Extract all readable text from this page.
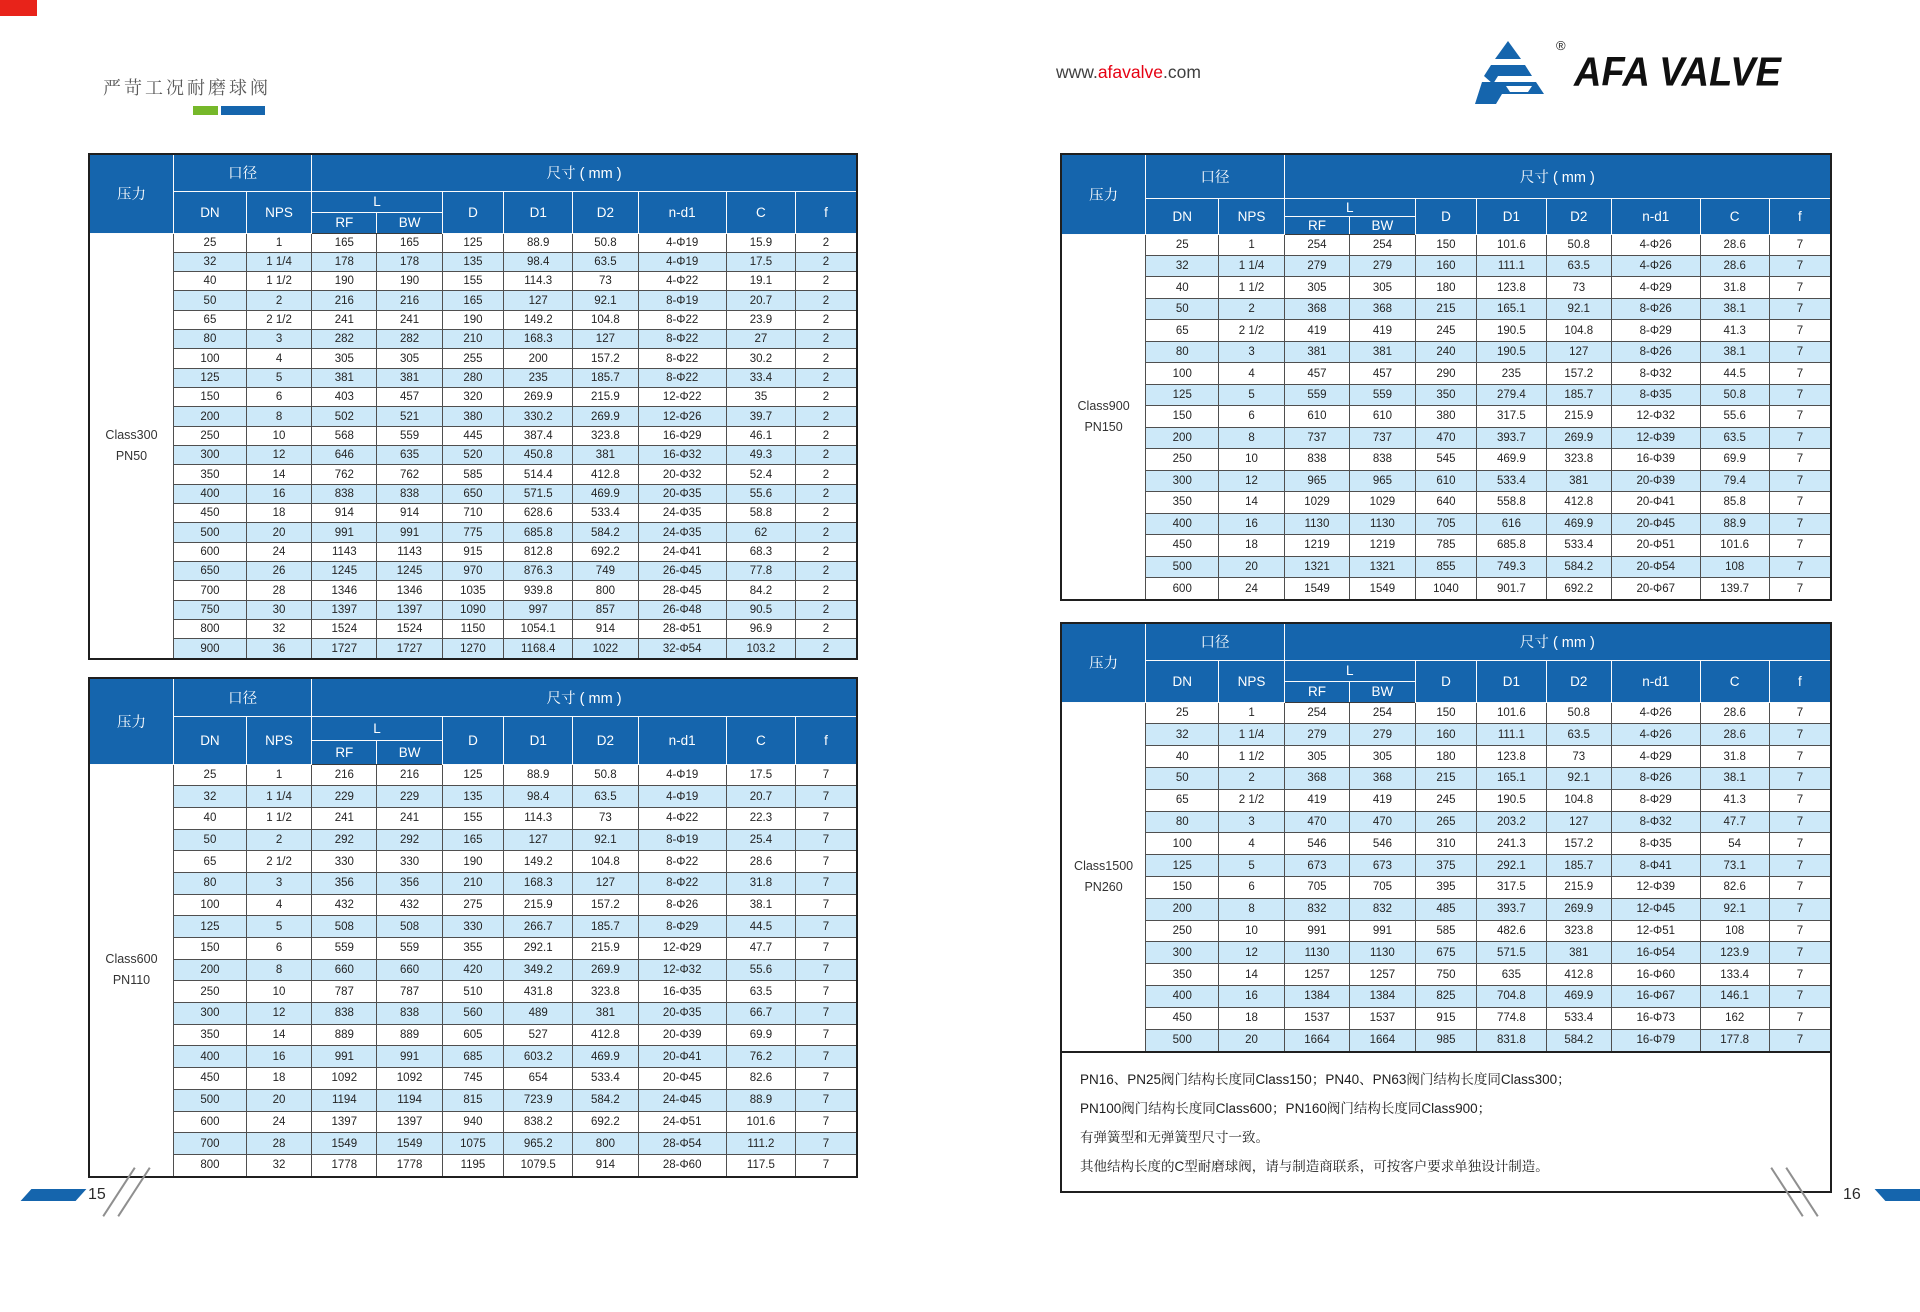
严苛工况耐磨球阀
www.afavalve.com
®
AFA VALVE
压力	口径		尺寸 ( mm )							
	DN	NPS	L		D	D1	D2	n-d1	C	f
			RF	BW						

Class300
PN50	25	1	165	165	125	88.9	50.8	4-Φ19	15.9	2
	32	1 1/4	178	178	135	98.4	63.5	4-Φ19	17.5	2
	40	1 1/2	190	190	155	114.3	73	4-Φ22	19.1	2
	50	2	216	216	165	127	92.1	8-Φ19	20.7	2
	65	2 1/2	241	241	190	149.2	104.8	8-Φ22	23.9	2
	80	3	282	282	210	168.3	127	8-Φ22	27	2
	100	4	305	305	255	200	157.2	8-Φ22	30.2	2
	125	5	381	381	280	235	185.7	8-Φ22	33.4	2
	150	6	403	457	320	269.9	215.9	12-Φ22	35	2
	200	8	502	521	380	330.2	269.9	12-Φ26	39.7	2
	250	10	568	559	445	387.4	323.8	16-Φ29	46.1	2
	300	12	646	635	520	450.8	381	16-Φ32	49.3	2
	350	14	762	762	585	514.4	412.8	20-Φ32	52.4	2
	400	16	838	838	650	571.5	469.9	20-Φ35	55.6	2
	450	18	914	914	710	628.6	533.4	24-Φ35	58.8	2
	500	20	991	991	775	685.8	584.2	24-Φ35	62	2
	600	24	1143	1143	915	812.8	692.2	24-Φ41	68.3	2
	650	26	1245	1245	970	876.3	749	26-Φ45	77.8	2
	700	28	1346	1346	1035	939.8	800	28-Φ45	84.2	2
	750	30	1397	1397	1090	997	857	26-Φ48	90.5	2
	800	32	1524	1524	1150	1054.1	914	28-Φ51	96.9	2
	900	36	1727	1727	1270	1168.4	1022	32-Φ54	103.2	2
压力	口径		尺寸 ( mm )							
	DN	NPS	L		D	D1	D2	n-d1	C	f
			RF	BW						

Class600
PN110	25	1	216	216	125	88.9	50.8	4-Φ19	17.5	7
	32	1 1/4	229	229	135	98.4	63.5	4-Φ19	20.7	7
	40	1 1/2	241	241	155	114.3	73	4-Φ22	22.3	7
	50	2	292	292	165	127	92.1	8-Φ19	25.4	7
	65	2 1/2	330	330	190	149.2	104.8	8-Φ22	28.6	7
	80	3	356	356	210	168.3	127	8-Φ22	31.8	7
	100	4	432	432	275	215.9	157.2	8-Φ26	38.1	7
	125	5	508	508	330	266.7	185.7	8-Φ29	44.5	7
	150	6	559	559	355	292.1	215.9	12-Φ29	47.7	7
	200	8	660	660	420	349.2	269.9	12-Φ32	55.6	7
	250	10	787	787	510	431.8	323.8	16-Φ35	63.5	7
	300	12	838	838	560	489	381	20-Φ35	66.7	7
	350	14	889	889	605	527	412.8	20-Φ39	69.9	7
	400	16	991	991	685	603.2	469.9	20-Φ41	76.2	7
	450	18	1092	1092	745	654	533.4	20-Φ45	82.6	7
	500	20	1194	1194	815	723.9	584.2	24-Φ45	88.9	7
	600	24	1397	1397	940	838.2	692.2	24-Φ51	101.6	7
	700	28	1549	1549	1075	965.2	800	28-Φ54	111.2	7
	800	32	1778	1778	1195	1079.5	914	28-Φ60	117.5	7
压力	口径		尺寸 ( mm )							
	DN	NPS	L		D	D1	D2	n-d1	C	f
			RF	BW						

Class900
PN150	25	1	254	254	150	101.6	50.8	4-Φ26	28.6	7
	32	1 1/4	279	279	160	111.1	63.5	4-Φ26	28.6	7
	40	1 1/2	305	305	180	123.8	73	4-Φ29	31.8	7
	50	2	368	368	215	165.1	92.1	8-Φ26	38.1	7
	65	2 1/2	419	419	245	190.5	104.8	8-Φ29	41.3	7
	80	3	381	381	240	190.5	127	8-Φ26	38.1	7
	100	4	457	457	290	235	157.2	8-Φ32	44.5	7
	125	5	559	559	350	279.4	185.7	8-Φ35	50.8	7
	150	6	610	610	380	317.5	215.9	12-Φ32	55.6	7
	200	8	737	737	470	393.7	269.9	12-Φ39	63.5	7
	250	10	838	838	545	469.9	323.8	16-Φ39	69.9	7
	300	12	965	965	610	533.4	381	20-Φ39	79.4	7
	350	14	1029	1029	640	558.8	412.8	20-Φ41	85.8	7
	400	16	1130	1130	705	616	469.9	20-Φ45	88.9	7
	450	18	1219	1219	785	685.8	533.4	20-Φ51	101.6	7
	500	20	1321	1321	855	749.3	584.2	20-Φ54	108	7
	600	24	1549	1549	1040	901.7	692.2	20-Φ67	139.7	7
压力	口径		尺寸 ( mm )							
	DN	NPS	L		D	D1	D2	n-d1	C	f
			RF	BW						

Class1500
PN260	25	1	254	254	150	101.6	50.8	4-Φ26	28.6	7
	32	1 1/4	279	279	160	111.1	63.5	4-Φ26	28.6	7
	40	1 1/2	305	305	180	123.8	73	4-Φ29	31.8	7
	50	2	368	368	215	165.1	92.1	8-Φ26	38.1	7
	65	2 1/2	419	419	245	190.5	104.8	8-Φ29	41.3	7
	80	3	470	470	265	203.2	127	8-Φ32	47.7	7
	100	4	546	546	310	241.3	157.2	8-Φ35	54	7
	125	5	673	673	375	292.1	185.7	8-Φ41	73.1	7
	150	6	705	705	395	317.5	215.9	12-Φ39	82.6	7
	200	8	832	832	485	393.7	269.9	12-Φ45	92.1	7
	250	10	991	991	585	482.6	323.8	12-Φ51	108	7
	300	12	1130	1130	675	571.5	381	16-Φ54	123.9	7
	350	14	1257	1257	750	635	412.8	16-Φ60	133.4	7
	400	16	1384	1384	825	704.8	469.9	16-Φ67	146.1	7
	450	18	1537	1537	915	774.8	533.4	16-Φ73	162	7
	500	20	1664	1664	985	831.8	584.2	16-Φ79	177.8	7
PN16、PN25阀门结构长度同Class150；PN40、PN63阀门结构长度同Class300；
PN100阀门结构长度同Class600；PN160阀门结构长度同Class900；
有弹簧型和无弹簧型尺寸一致。
其他结构长度的C型耐磨球阀，请与制造商联系，可按客户要求单独设计制造。
15	16
